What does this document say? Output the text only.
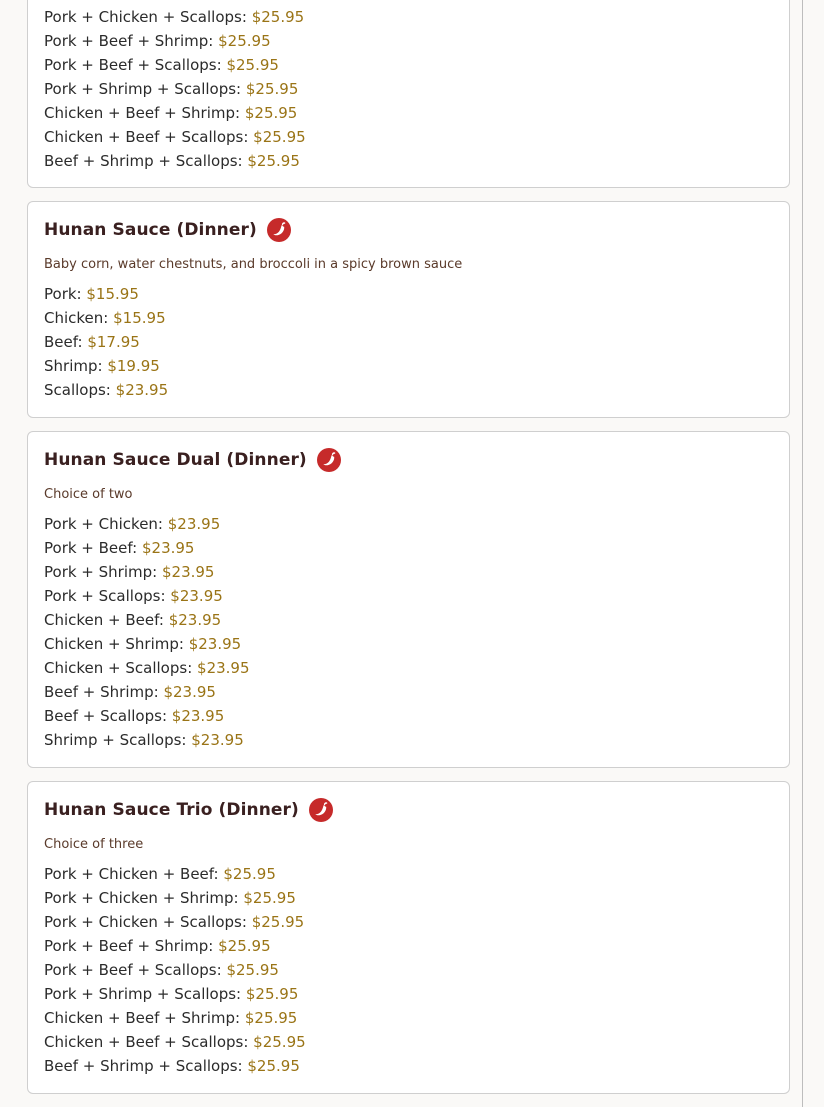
Pork + Chicken + Scallops: $25.95
Pork + Beef + Shrimp: $25.95
Pork + Beef + Scallops: $25.95
Pork + Shrimp + Scallops: $25.95
Chicken + Beef + Shrimp: $25.95
Chicken + Beef + Scallops: $25.95
Beef + Shrimp + Scallops: $25.95
Hunan Sauce (Dinner)
Baby corn, water chestnuts, and broccoli in a spicy brown sauce
Pork: $15.95
Chicken: $15.95
Beef: $17.95
Shrimp: $19.95
Scallops: $23.95
Hunan Sauce Dual (Dinner)
Choice of two
Pork + Chicken: $23.95
Pork + Beef: $23.95
Pork + Shrimp: $23.95
Pork + Scallops: $23.95
Chicken + Beef: $23.95
Chicken + Shrimp: $23.95
Chicken + Scallops: $23.95
Beef + Shrimp: $23.95
Beef + Scallops: $23.95
Shrimp + Scallops: $23.95
Hunan Sauce Trio (Dinner)
Choice of three
Pork + Chicken + Beef: $25.95
Pork + Chicken + Shrimp: $25.95
Pork + Chicken + Scallops: $25.95
Pork + Beef + Shrimp: $25.95
Pork + Beef + Scallops: $25.95
Pork + Shrimp + Scallops: $25.95
Chicken + Beef + Shrimp: $25.95
Chicken + Beef + Scallops: $25.95
Beef + Shrimp + Scallops: $25.95
